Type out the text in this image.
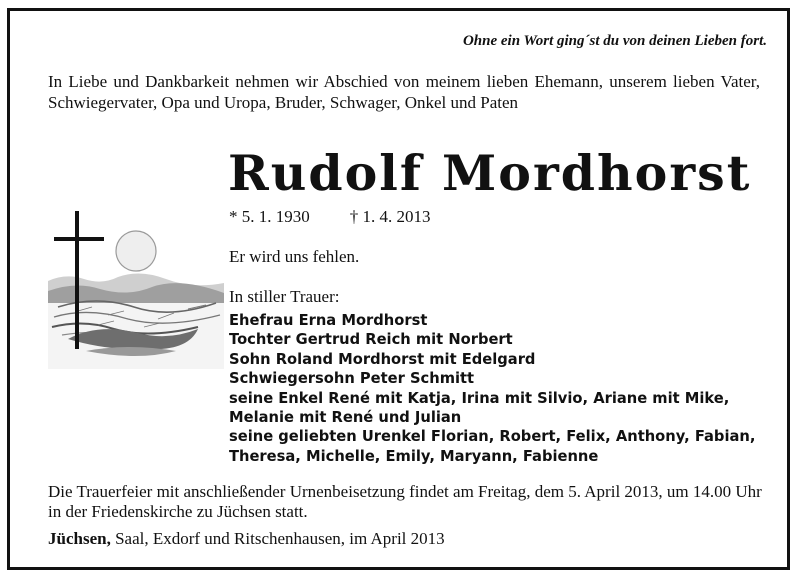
Ohne ein Wort ging´st du von deinen Lieben fort.
In Liebe und Dankbarkeit nehmen wir Abschied von meinem lieben Ehemann, unserem lieben Vater, Schwiegervater, Opa und Uropa, Bruder, Schwager, Onkel und Paten
Rudolf Mordhorst
* 5. 1. 1930 † 1. 4. 2013
Er wird uns fehlen.
In stiller Trauer:
Ehefrau Erna Mordhorst
Tochter Gertrud Reich mit Norbert
Sohn Roland Mordhorst mit Edelgard
Schwiegersohn Peter Schmitt
seine Enkel René mit Katja, Irina mit Silvio, Ariane mit Mike,
Melanie mit René und Julian
seine geliebten Urenkel Florian, Robert, Felix, Anthony, Fabian,
Theresa, Michelle, Emily, Maryann, Fabienne
Die Trauerfeier mit anschließender Urnenbeisetzung findet am Freitag, dem 5. April 2013, um 14.00 Uhr in der Friedenskirche zu Jüchsen statt.
Jüchsen, Saal, Exdorf und Ritschenhausen, im April 2013
